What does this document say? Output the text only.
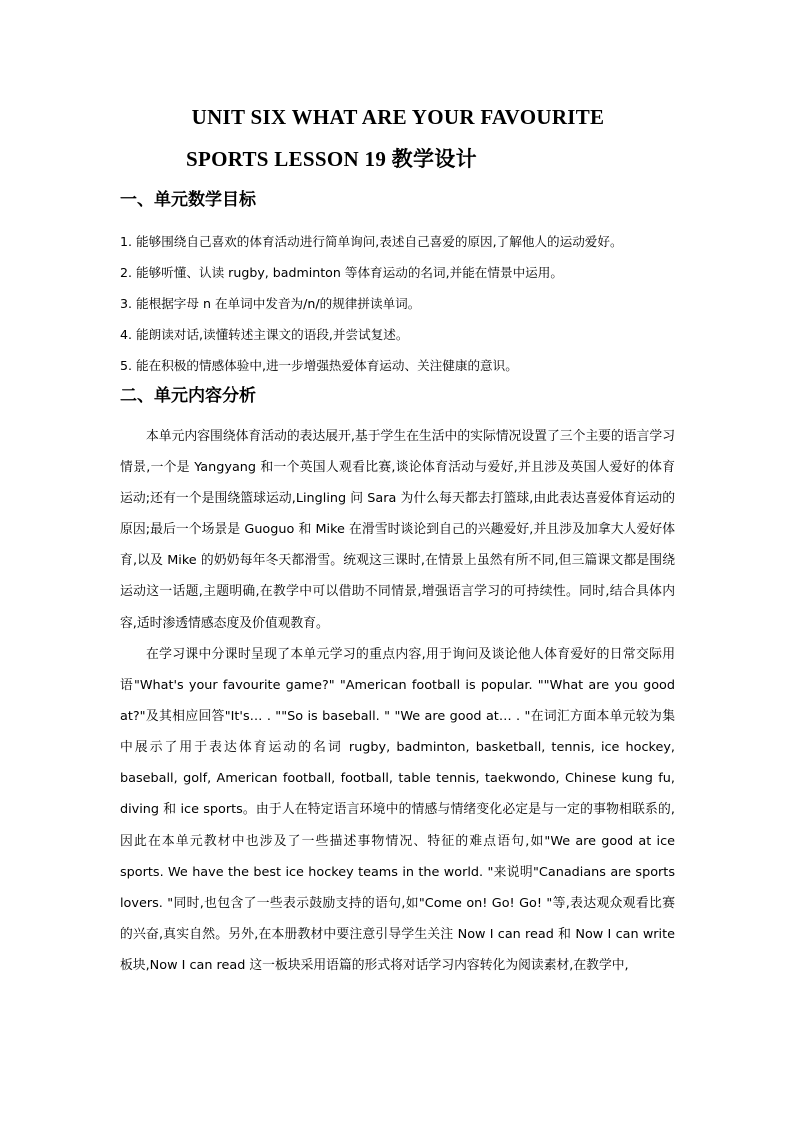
UNIT SIX WHAT ARE YOUR FAVOURITE
SPORTS LESSON 19 教学设计
一、单元数学目标
1. 能够围绕自己喜欢的体育活动进行简单询问,表述自己喜爱的原因,了解他人的运动爱好。
2. 能够听懂、认读 rugby, badminton 等体育运动的名词,并能在情景中运用。
3. 能根据字母 n 在单词中发音为/n/的规律拼读单词。
4. 能朗读对话,读懂转述主课文的语段,并尝试复述。
5. 能在积极的情感体验中,进一步增强热爱体育运动、关注健康的意识。
二、单元内容分析

本单元内容围绕体育活动的表达展开,基于学生在生活中的实际情况设置了三个主要的语言学习情景,一个是 Yangyang 和一个英国人观看比赛,谈论体育活动与爱好,并且涉及英国人爱好的体育运动;还有一个是围绕篮球运动,Lingling 问 Sara 为什么每天都去打篮球,由此表达喜爱体育运动的原因;最后一个场景是 Guoguo 和 Mike 在滑雪时谈论到自己的兴趣爱好,并且涉及加拿大人爱好体育,以及 Mike 的奶奶每年冬天都滑雪。统观这三课时,在情景上虽然有所不同,但三篇课文都是围绕运动这一话题,主题明确,在教学中可以借助不同情景,增强语言学习的可持续性。同时,结合具体内容,适时渗透情感态度及价值观教育。

在学习课中分课时呈现了本单元学习的重点内容,用于询问及谈论他人体育爱好的日常交际用语"What's your favourite game?" "American football is popular. ""What are you good at?"及其相应回答"It's… . ""So is baseball. " "We are good at… . "在词汇方面本单元较为集中展示了用于表达体育运动的名词 rugby, badminton, basketball, tennis, ice hockey, baseball, golf, American football, football, table tennis, taekwondo, Chinese kung fu, diving 和 ice sports。由于人在特定语言环境中的情感与情绪变化必定是与一定的事物相联系的,因此在本单元教材中也涉及了一些描述事物情况、特征的难点语句,如"We are good at ice sports. We have the best ice hockey teams in the world. "来说明"Canadians are sports lovers. "同时,也包含了一些表示鼓励支持的语句,如"Come on! Go! Go! "等,表达观众观看比赛的兴奋,真实自然。另外,在本册教材中要注意引导学生关注 Now I can read 和 Now I can write 板块,Now I can read 这一板块采用语篇的形式将对话学习内容转化为阅读素材,在教学中,
